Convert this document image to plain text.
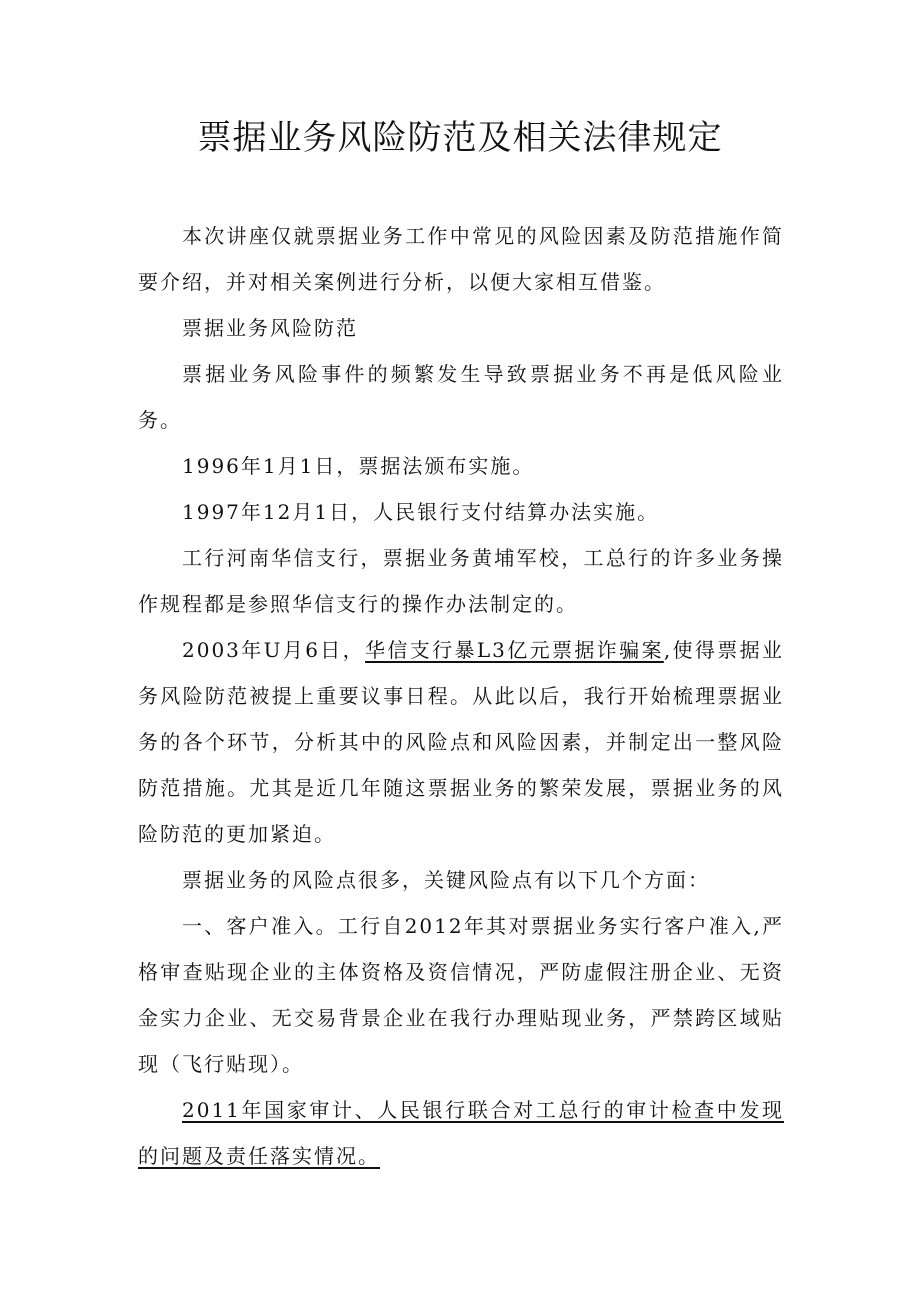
票据业务风险防范及相关法律规定

本次讲座仅就票据业务工作中常见的风险因素及防范措施作简要介绍，并对相关案例进行分析，以便大家相互借鉴。

票据业务风险防范

票据业务风险事件的频繁发生导致票据业务不再是低风险业务。

1996年1月1日，票据法颁布实施。

1997年12月1日，人民银行支付结算办法实施。

工行河南华信支行，票据业务黄埔军校，工总行的许多业务操作规程都是参照华信支行的操作办法制定的。

2003年U月6日，华信支行暴L3亿元票据诈骗案,使得票据业务风险防范被提上重要议事日程。从此以后，我行开始梳理票据业务的各个环节，分析其中的风险点和风险因素，并制定出一整风险防范措施。尤其是近几年随这票据业务的繁荣发展，票据业务的风险防范的更加紧迫。

票据业务的风险点很多，关键风险点有以下几个方面：

一、客户准入。工行自2012年其对票据业务实行客户准入,严格审查贴现企业的主体资格及资信情况，严防虚假注册企业、无资金实力企业、无交易背景企业在我行办理贴现业务，严禁跨区域贴现（飞行贴现）。

2011年国家审计、人民银行联合对工总行的审计检查中发现的问题及责任落实情况。
